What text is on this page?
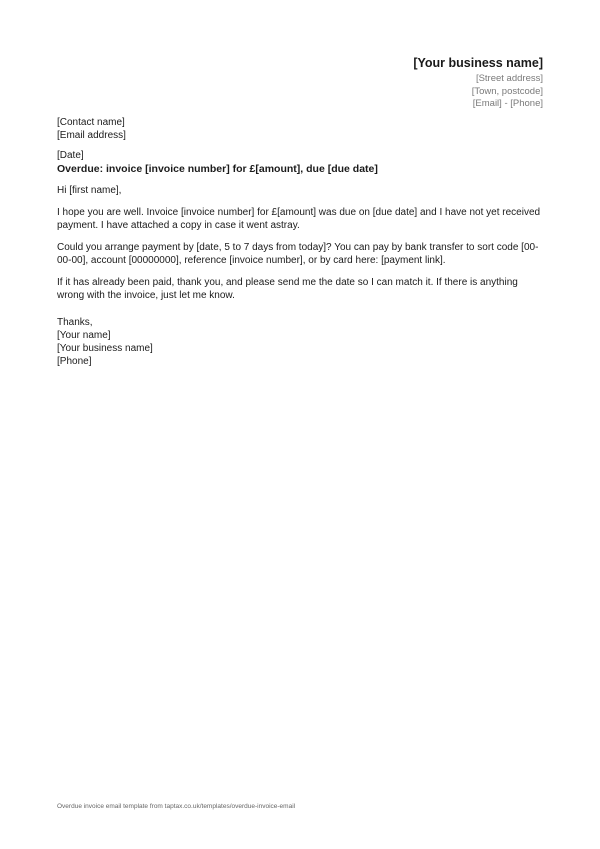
[Your business name]
[Street address]
[Town, postcode]
[Email] - [Phone]

[Contact name]

[Email address]

[Date]

Overdue: invoice [invoice number] for £[amount], due [due date]

Hi [first name],

I hope you are well. Invoice [invoice number] for £[amount] was due on [due date] and I have not yet received payment. I have attached a copy in case it went astray.

Could you arrange payment by [date, 5 to 7 days from today]? You can pay by bank transfer to sort code [00-00-00], account [00000000], reference [invoice number], or by card here: [payment link].

If it has already been paid, thank you, and please send me the date so I can match it. If there is anything wrong with the invoice, just let me know.

Thanks,

[Your name]

[Your business name]

[Phone]

Overdue invoice email template from taptax.co.uk/templates/overdue-invoice-email
